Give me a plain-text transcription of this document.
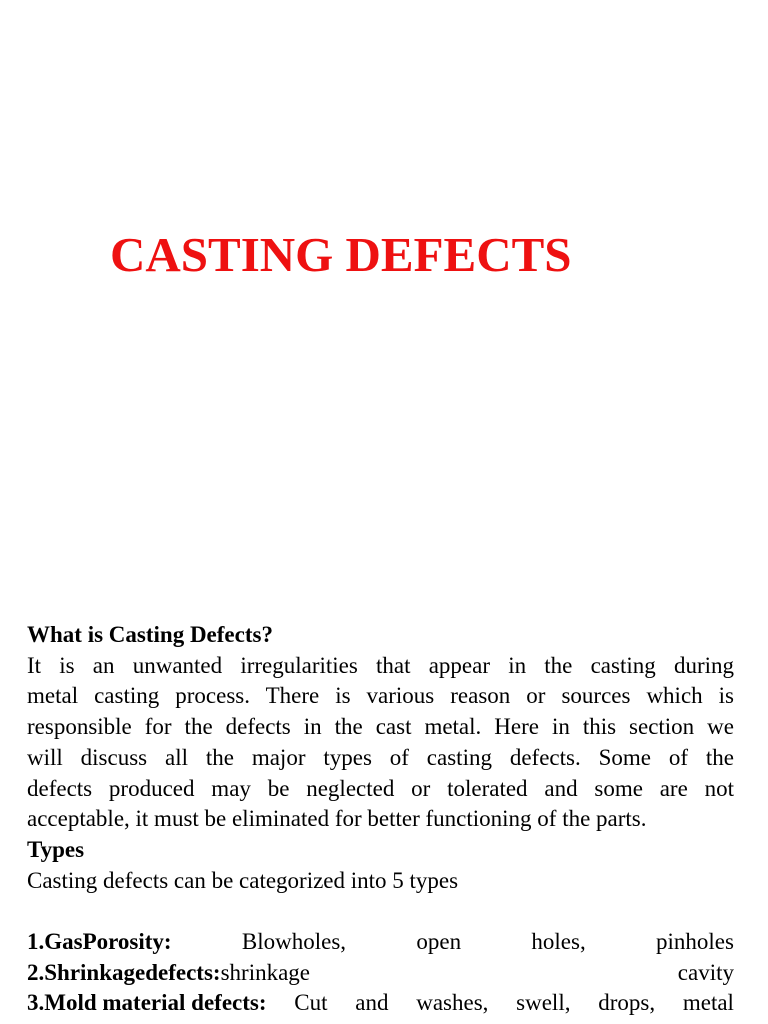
CASTING DEFECTS
What is Casting Defects?
It is an unwanted irregularities that appear in the casting during
metal casting process. There is various reason or sources which is
responsible for the defects in the cast metal. Here in this section we
will discuss all the major types of casting defects. Some of the
defects produced may be neglected or tolerated and some are not
acceptable, it must be eliminated for better functioning of the parts.
Types
Casting defects can be categorized into 5 types
1.GasPorosity:	Blowholes,	open	holes,	pinholes
2.Shrinkagedefects:shrinkage	cavity
3.Mold material defects: Cut and washes, swell, drops, metal
